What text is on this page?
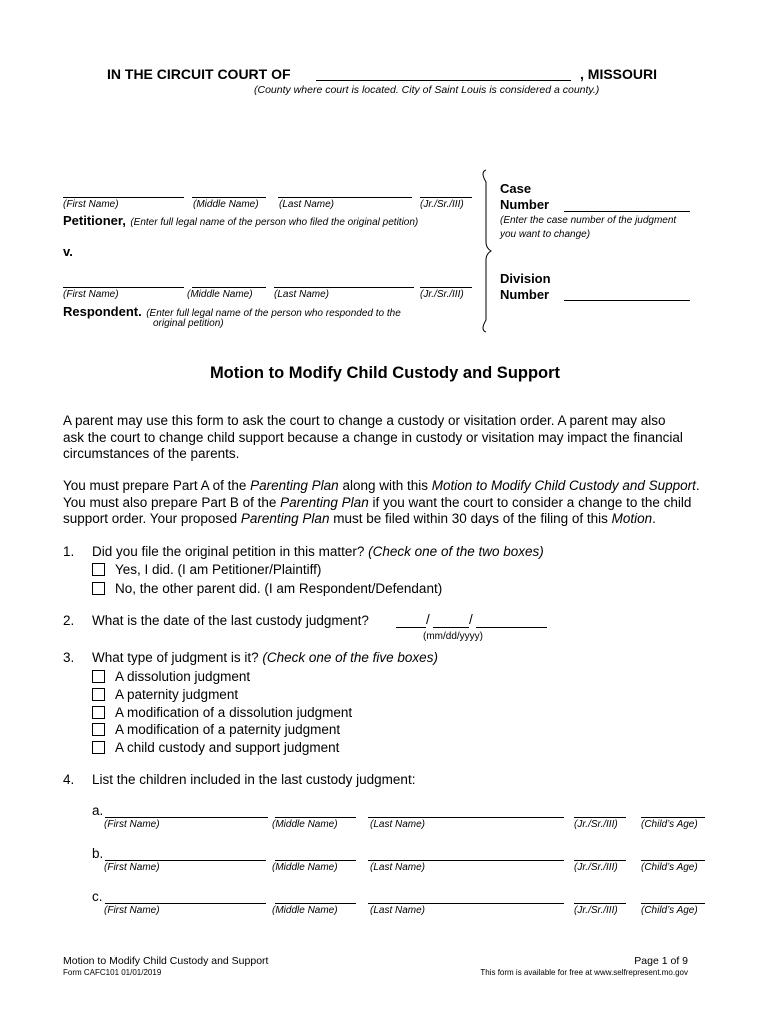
IN THE CIRCUIT COURT OF	, MISSOURI
(County where court is located. City of Saint Louis is considered a county.)
(First Name)	(Middle Name) (Last Name)	(Jr./Sr./III)
Petitioner, (Enter full legal name of the person who filed the original petition)
v.
(First Name)	(Middle Name) (Last Name)	(Jr./Sr./III)
Respondent. (Enter full legal name of the person who responded to the
original petition)
Case
Number
(Enter the case number of the judgment
you want to change)
Division
Number
Motion to Modify Child Custody and Support
A parent may use this form to ask the court to change a custody or visitation order. A parent may also
ask the court to change child support because a change in custody or visitation may impact the financial
circumstances of the parents.
You must prepare Part A of the Parenting Plan along with this Motion to Modify Child Custody and Support.
You must also prepare Part B of the Parenting Plan if you want the court to consider a change to the child
support order. Your proposed Parenting Plan must be filed within 30 days of the filing of this Motion.
1. Did you file the original petition in this matter? (Check one of the two boxes)
Yes, I did. (I am Petitioner/Plaintiff)
No, the other parent did. (I am Respondent/Defendant)
2. What is the date of the last custody judgment?	/	/
(mm/dd/yyyy)
3. What type of judgment is it? (Check one of the five boxes)
A dissolution judgment
A paternity judgment
A modification of a dissolution judgment
A modification of a paternity judgment
A child custody and support judgment
4. List the children included in the last custody judgment:
a.
(First Name)	(Middle Name)	(Last Name)	(Jr./Sr./III) (Child’s Age)
b.
(First Name)	(Middle Name)	(Last Name)	(Jr./Sr./III) (Child’s Age)
c.
(First Name)	(Middle Name)	(Last Name)	(Jr./Sr./III) (Child’s Age)
Motion to Modify Child Custody and Support
Form CAFC101 01/01/2019
Page 1 of 9
This form is available for free at www.selfrepresent.mo.gov
